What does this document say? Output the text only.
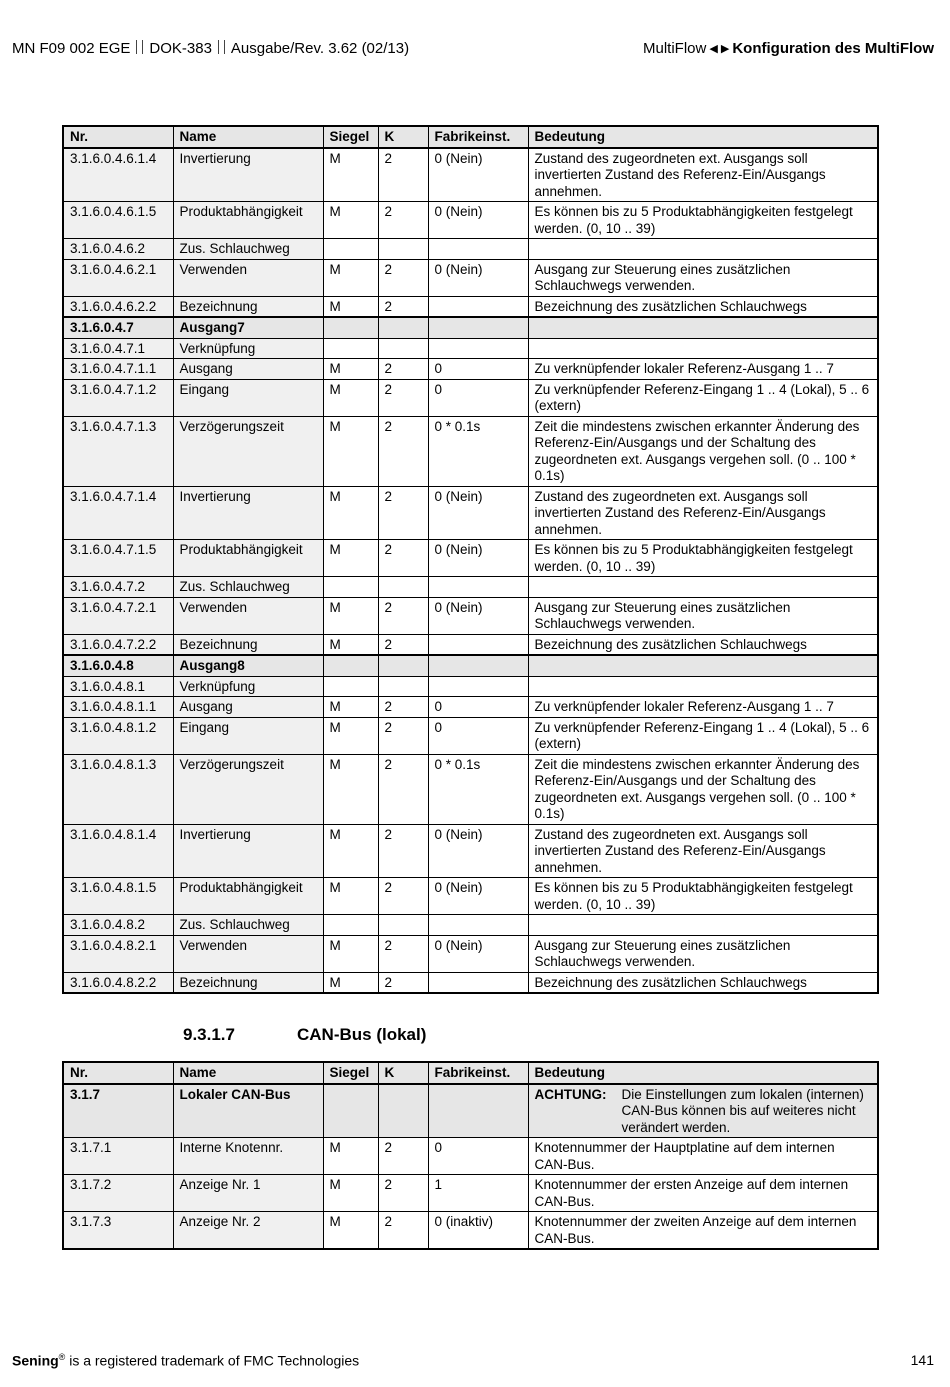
MN F09 002 EGE DOK-383 Ausgabe/Rev. 3.62 (02/13)	MultiFlow ◀ ▶ Konfiguration des MultiFlow
Nr.	Name	Siegel	K	Fabrikeinst.	Bedeutung
3.1.6.0.4.6.1.4	Invertierung	M	2	0 (Nein)	Zustand des zugeordneten ext. Ausgangs soll invertierten Zustand des Referenz-Ein/Ausgangs annehmen.
3.1.6.0.4.6.1.5	Produktabhängigkeit	M	2	0 (Nein)	Es können bis zu 5 Produktabhängigkeiten festgelegt werden. (0, 10 .. 39)
3.1.6.0.4.6.2	Zus. Schlauchweg				
3.1.6.0.4.6.2.1	Verwenden	M	2	0 (Nein)	Ausgang zur Steuerung eines zusätzlichen Schlauchwegs verwenden.
3.1.6.0.4.6.2.2	Bezeichnung	M	2		Bezeichnung des zusätzlichen Schlauchwegs
3.1.6.0.4.7	Ausgang7				
3.1.6.0.4.7.1	Verknüpfung				
3.1.6.0.4.7.1.1	Ausgang	M	2	0	Zu verknüpfender lokaler Referenz-Ausgang 1 .. 7
3.1.6.0.4.7.1.2	Eingang	M	2	0	Zu verknüpfender Referenz-Eingang 1 .. 4 (Lokal), 5 .. 6 (extern)
3.1.6.0.4.7.1.3	Verzögerungszeit	M	2	0 * 0.1s	Zeit die mindestens zwischen erkannter Änderung des Referenz-Ein/Ausgangs und der Schaltung des zugeordneten ext. Ausgangs vergehen soll. (0 .. 100 * 0.1s)
3.1.6.0.4.7.1.4	Invertierung	M	2	0 (Nein)	Zustand des zugeordneten ext. Ausgangs soll invertierten Zustand des Referenz-Ein/Ausgangs annehmen.
3.1.6.0.4.7.1.5	Produktabhängigkeit	M	2	0 (Nein)	Es können bis zu 5 Produktabhängigkeiten festgelegt werden. (0, 10 .. 39)
3.1.6.0.4.7.2	Zus. Schlauchweg				
3.1.6.0.4.7.2.1	Verwenden	M	2	0 (Nein)	Ausgang zur Steuerung eines zusätzlichen Schlauchwegs verwenden.
3.1.6.0.4.7.2.2	Bezeichnung	M	2		Bezeichnung des zusätzlichen Schlauchwegs
3.1.6.0.4.8	Ausgang8				
3.1.6.0.4.8.1	Verknüpfung				
3.1.6.0.4.8.1.1	Ausgang	M	2	0	Zu verknüpfender lokaler Referenz-Ausgang 1 .. 7
3.1.6.0.4.8.1.2	Eingang	M	2	0	Zu verknüpfender Referenz-Eingang 1 .. 4 (Lokal), 5 .. 6 (extern)
3.1.6.0.4.8.1.3	Verzögerungszeit	M	2	0 * 0.1s	Zeit die mindestens zwischen erkannter Änderung des Referenz-Ein/Ausgangs und der Schaltung des zugeordneten ext. Ausgangs vergehen soll. (0 .. 100 * 0.1s)
3.1.6.0.4.8.1.4	Invertierung	M	2	0 (Nein)	Zustand des zugeordneten ext. Ausgangs soll invertierten Zustand des Referenz-Ein/Ausgangs annehmen.
3.1.6.0.4.8.1.5	Produktabhängigkeit	M	2	0 (Nein)	Es können bis zu 5 Produktabhängigkeiten festgelegt werden. (0, 10 .. 39)
3.1.6.0.4.8.2	Zus. Schlauchweg				
3.1.6.0.4.8.2.1	Verwenden	M	2	0 (Nein)	Ausgang zur Steuerung eines zusätzlichen Schlauchwegs verwenden.
3.1.6.0.4.8.2.2	Bezeichnung	M	2		Bezeichnung des zusätzlichen Schlauchwegs
9.3.1.7	CAN-Bus (lokal)
Nr.	Name	Siegel	K	Fabrikeinst.	Bedeutung
3.1.7	Lokaler CAN-Bus				ACHTUNG: Die Einstellungen zum lokalen (internen) CAN-Bus können bis auf weiteres nicht verändert werden.

3.1.7.1	Interne Knotennr.	M	2	0	Knotennummer der Hauptplatine auf dem internen CAN-Bus.
3.1.7.2	Anzeige Nr. 1	M	2	1	Knotennummer der ersten Anzeige auf dem internen CAN-Bus.
3.1.7.3	Anzeige Nr. 2	M	2	0 (inaktiv)	Knotennummer der zweiten Anzeige auf dem internen CAN-Bus.
Sening® is a registered trademark of FMC Technologies	141
